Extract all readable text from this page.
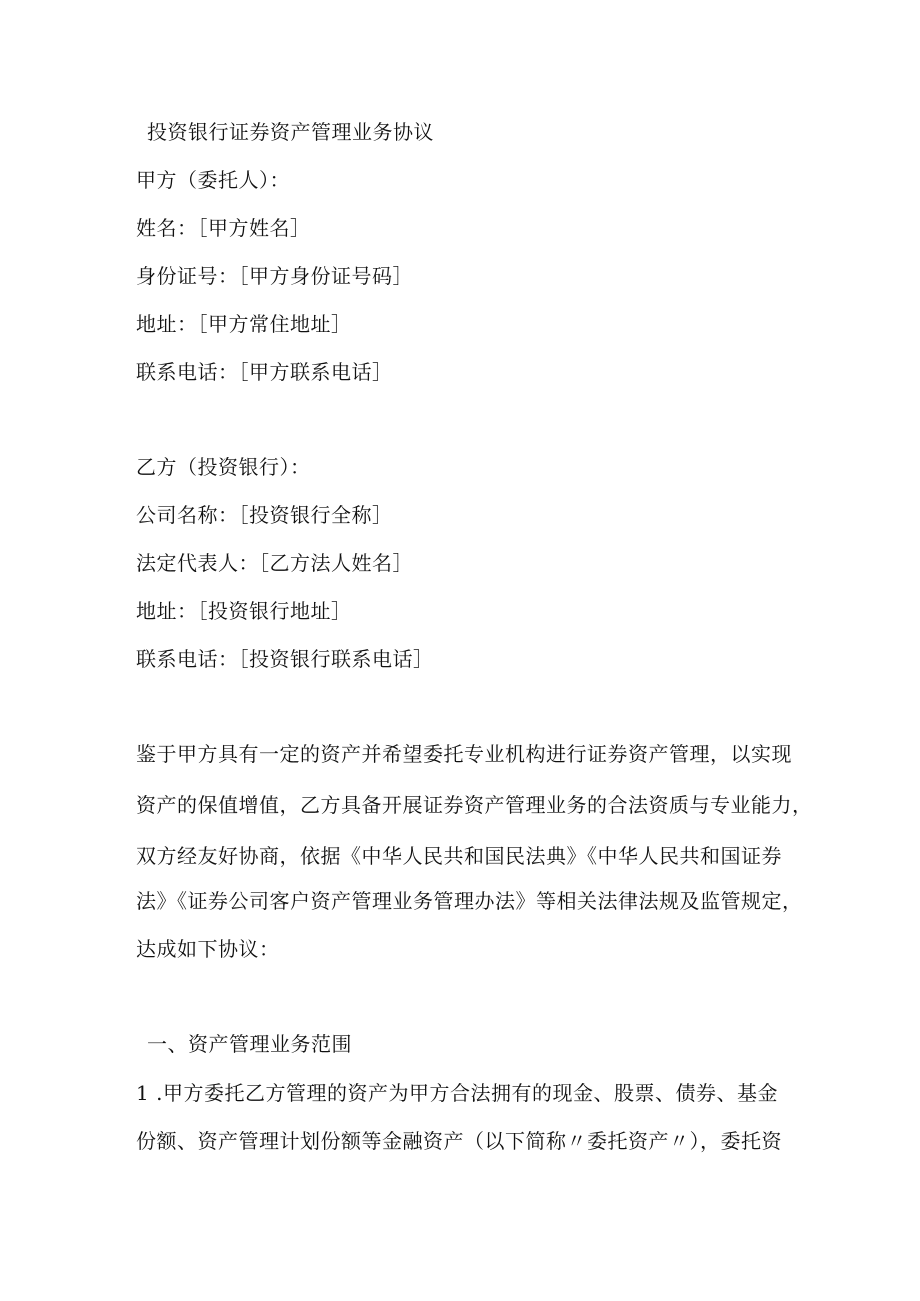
投资银行证券资产管理业务协议
甲方（委托人）：
姓名：［甲方姓名］
身份证号：［甲方身份证号码］
地址：［甲方常住地址］
联系电话：［甲方联系电话］
乙方（投资银行）：
公司名称：［投资银行全称］
法定代表人：［乙方法人姓名］
地址：［投资银行地址］
联系电话：［投资银行联系电话］
鉴于甲方具有一定的资产并希望委托专业机构进行证券资产管理，以实现
资产的保值增值，乙方具备开展证券资产管理业务的合法资质与专业能力，
双方经友好协商，依据《中华人民共和国民法典》《中华人民共和国证券
法》《证券公司客户资产管理业务管理办法》等相关法律法规及监管规定，
达成如下协议：
一、资产管理业务范围
1 .甲方委托乙方管理的资产为甲方合法拥有的现金、股票、债券、基金
份额、资产管理计划份额等金融资产（以下简称〃委托资产〃），委托资
